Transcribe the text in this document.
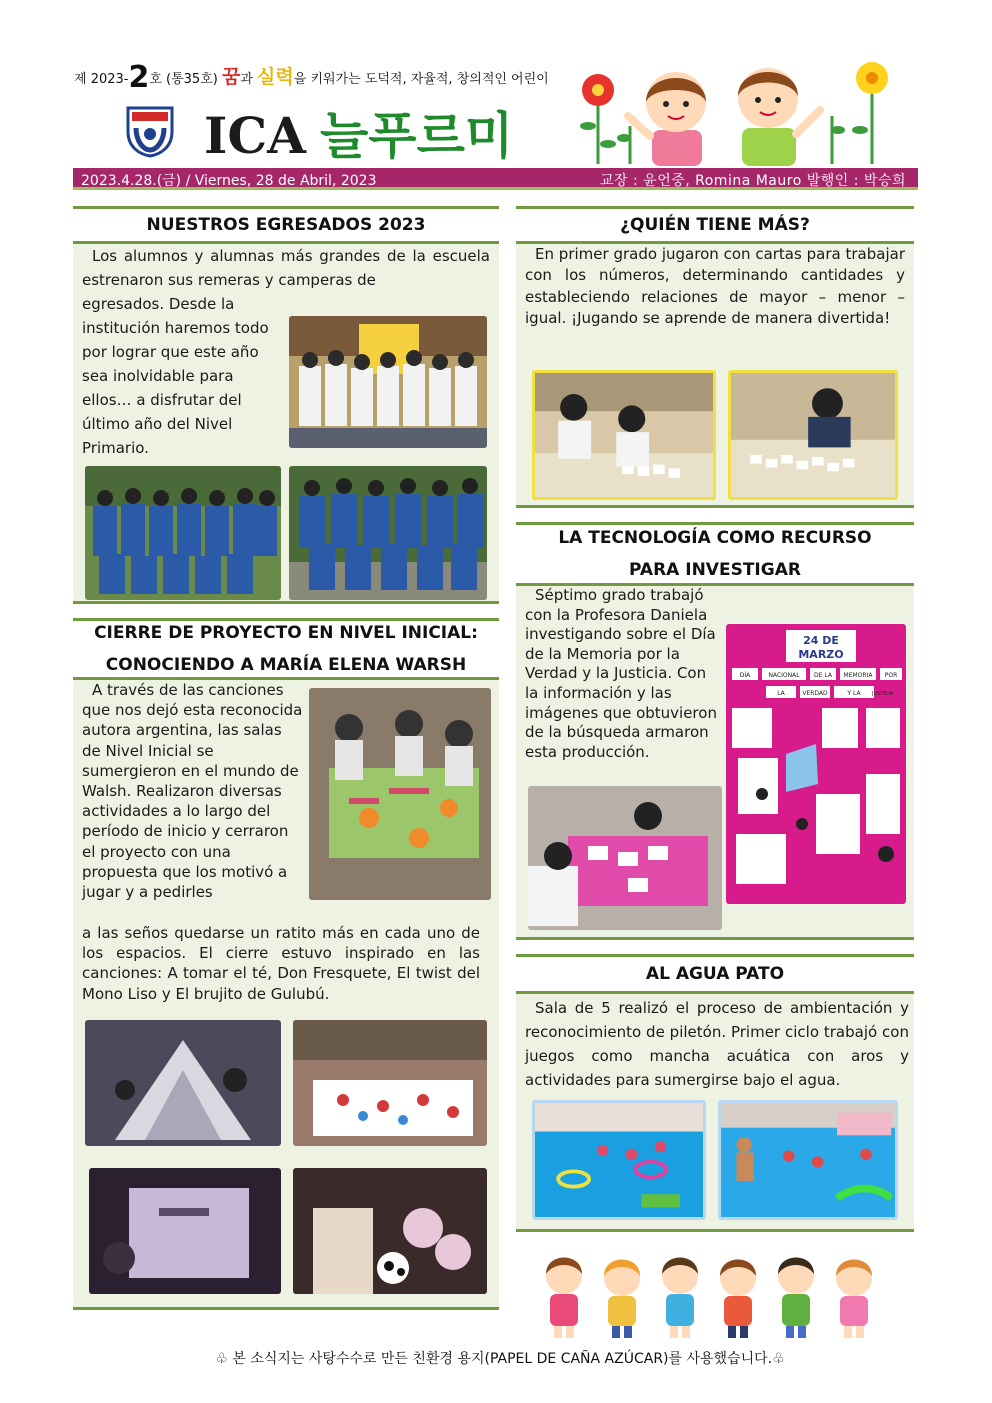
제 2023-2호 (통35호) 꿈과 실력을 키워가는 도덕적, 자율적, 창의적인 어린이
ICA 늘푸르미
2023.4.28.(금) / Viernes, 28 de Abril, 2023	교장 : 윤언중, Romina Mauro 발행인 : 박승희
NUESTROS EGRESADOS 2023
Los alumnos y alumnas más grandes de la escuela estrenaron sus remeras y camperas de
egresados. Desde la institución haremos todo por lograr que este año sea inolvidable para ellos… a disfrutar del último año del Nivel Primario.
CIERRE DE PROYECTO EN NIVEL INICIAL:
CONOCIENDO A MARÍA ELENA WARSH
A través de las canciones que nos dejó esta reconocida autora argentina, las salas de Nivel Inicial se sumergieron en el mundo de Walsh. Realizaron diversas actividades a lo largo del período de inicio y cerraron el proyecto con una propuesta que los motivó a jugar y a pedirles
a las seños quedarse un ratito más en cada uno de los espacios. El cierre estuvo inspirado en las canciones: A tomar el té, Don Fresquete, El twist del Mono Liso y El brujito de Gulubú.
¿QUIÉN TIENE MÁS?
En primer grado jugaron con cartas para trabajar con los números, determinando cantidades y estableciendo relaciones de mayor – menor – igual. ¡Jugando se aprende de manera divertida!
LA TECNOLOGÍA COMO RECURSO
PARA INVESTIGAR
Séptimo grado trabajó con la Profesora Daniela investigando sobre el Día de la Memoria por la Verdad y la Justicia. Con la información y las imágenes que obtuvieron de la búsqueda armaron esta producción.
24 DE
MARZO
DÍA	NACIONAL DE LA MEMORIA POR
LA	VERDAD	Y LA JUSTICIA
AL AGUA PATO
Sala de 5 realizó el proceso de ambientación y reconocimiento de piletón. Primer ciclo trabajó con juegos como mancha acuática con aros y actividades para sumergirse bajo el agua.
♧ 본 소식지는 사탕수수로 만든 친환경 용지(PAPEL DE CAÑA AZÚCAR)를 사용했습니다.♧
